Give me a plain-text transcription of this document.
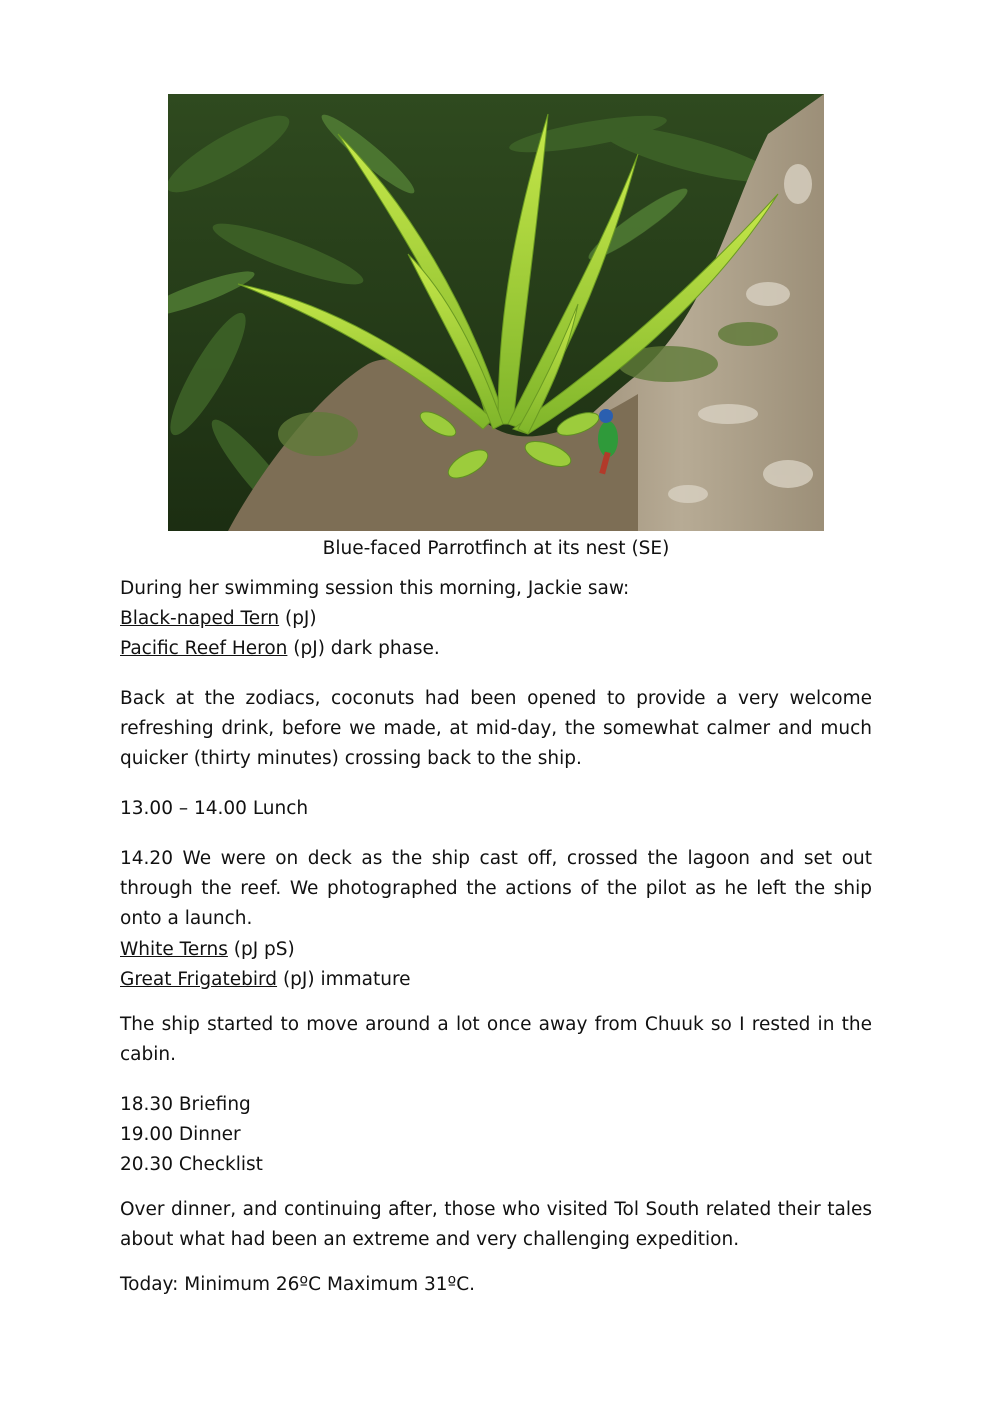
Blue-faced Parrotfinch at its nest (SE)
During her swimming session this morning, Jackie saw:
Black-naped Tern (pJ)
Pacific Reef Heron (pJ) dark phase.
Back at the zodiacs, coconuts had been opened to provide a very welcome refreshing drink, before we made, at mid-day, the somewhat calmer and much quicker (thirty minutes) crossing back to the ship.
13.00 – 14.00 Lunch
14.20 We were on deck as the ship cast off, crossed the lagoon and set out through the reef. We photographed the actions of the pilot as he left the ship onto a launch.
White Terns (pJ pS)
Great Frigatebird (pJ) immature
The ship started to move around a lot once away from Chuuk so I rested in the cabin.
18.30 Briefing
19.00 Dinner
20.30 Checklist
Over dinner, and continuing after, those who visited Tol South related their tales about what had been an extreme and very challenging expedition.
Today: Minimum 26ºC Maximum 31ºC.
